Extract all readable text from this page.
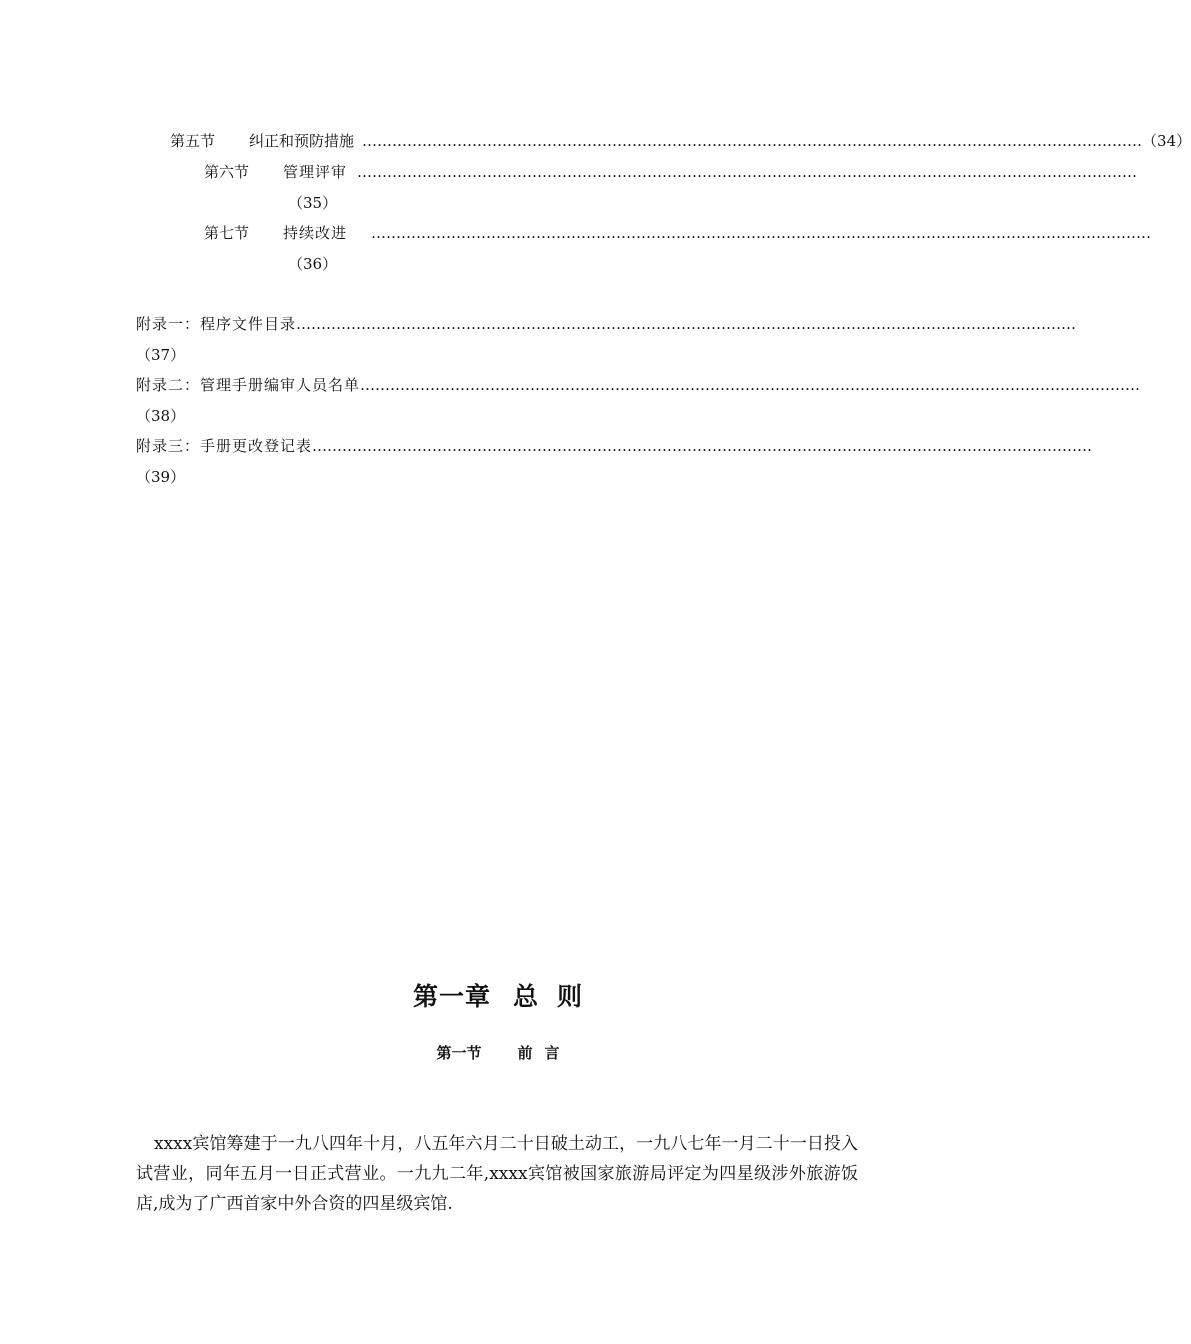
第五节 纠正和预防措施 ………………………………………………………………………………………………………………………………………… （34）
第六节 管理评审 …………………………………………………………………………………………………………………………………………
（35）
第七节 持续改进 …………………………………………………………………………………………………………………………………………
（36）
附录一：程序文件目录 …………………………………………………………………………………………………………………………………………
（37）
附录二：管理手册编审人员名单 …………………………………………………………………………………………………………………………………………
（38）
附录三：手册更改登记表 …………………………………………………………………………………………………………………………………………
（39）
第一章 总 则
第一节 前 言
xxxx宾馆筹建于一九八四年十月，八五年六月二十日破土动工，一九八七年一月二十一日投入试营业，同年五月一日正式营业。一九九二年,xxxx宾馆被国家旅游局评定为四星级涉外旅游饭店,成为了广西首家中外合资的四星级宾馆.
